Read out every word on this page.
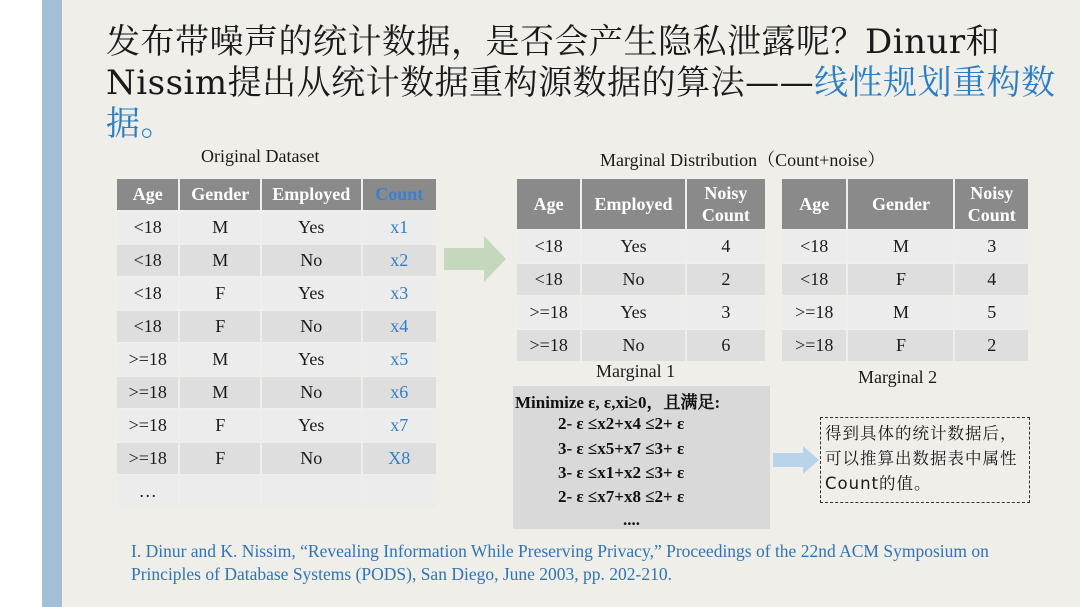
发布带噪声的统计数据，是否会产生隐私泄露呢？Dinur和Nissim提出从统计数据重构源数据的算法——线性规划重构数据。
Original Dataset	Marginal Distribution（Count+noise）
Age	Gender	Employed	Count
<18	M	Yes	x1
<18	M	No	x2
<18	F	Yes	x3
<18	F	No	x4
>=18	M	Yes	x5
>=18	M	No	x6
>=18	F	Yes	x7
>=18	F	No	X8
…			
Age	Employed	Noisy Count
<18	Yes	4
<18	No	2
>=18	Yes	3
>=18	No	6
Marginal 1
Age	Gender	Noisy Count
<18	M	3
<18	F	4
>=18	M	5
>=18	F	2
Marginal 2
Minimize ε, ε,xi≥0，且满足:
2- ε ≤x2+x4 ≤2+ ε
3- ε ≤x5+x7 ≤3+ ε
3- ε ≤x1+x2 ≤3+ ε
2- ε ≤x7+x8 ≤2+ ε
....
得到具体的统计数据后，可以推算出数据表中属性Count的值。
I. Dinur and K. Nissim, “Revealing Information While Preserving Privacy,” Proceedings of the 22nd ACM Symposium on Principles of Database Systems (PODS), San Diego, June 2003, pp. 202-210.
